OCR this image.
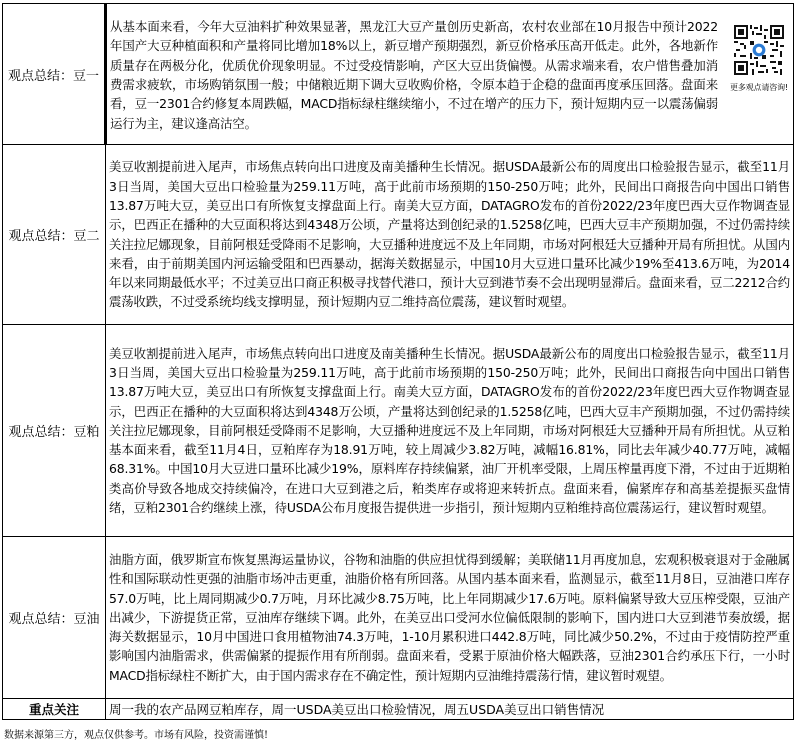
观点总结：豆一	从基本面来看，今年大豆油料扩种效果显著，黑龙江大豆产量创历史新高，农村农业部在10月报告中预计2022年国产大豆种植面积和产量将同比增加18%以上，新豆增产预期强烈，新豆价格承压高开低走。此外，各地新作质量存在两极分化，优质优价现象明显。不过受疫情影响，产区大豆出货偏慢。从需求端来看，农户惜售叠加消费需求疲软，市场购销氛围一般；中储粮近期下调大豆收购价格，令原本趋于企稳的盘面再度承压回落。盘面来看，豆一2301合约修复本周跌幅，MACD指标绿柱继续缩小，不过在增产的压力下，预计短期内豆一以震荡偏弱运行为主，建议逢高沽空。
更多观点请咨询!

观点总结：豆二	美豆收割提前进入尾声，市场焦点转向出口进度及南美播种生长情况。据USDA最新公布的周度出口检验报告显示，截至11月3日当周，美国大豆出口检验量为259.11万吨，高于此前市场预期的150-250万吨；此外，民间出口商报告向中国出口销售13.87万吨大豆，美豆出口有所恢复支撑盘面上行。南美大豆方面，DATAGRO发布的首份2022/23年度巴西大豆作物调查显示，巴西正在播种的大豆面积将达到4348万公顷，产量将达到创纪录的1.5258亿吨，巴西大豆丰产预期加强，不过仍需持续关注拉尼娜现象，目前阿根廷受降雨不足影响，大豆播种进度远不及上年同期，市场对阿根廷大豆播种开局有所担忧。从国内来看，由于前期美国内河运输受阻和巴西暴动，据海关数据显示，中国10月大豆进口量环比减少19%至413.6万吨，为2014年以来同期最低水平；不过美豆出口商正积极寻找替代港口，预计大豆到港节奏不会出现明显滞后。盘面来看，豆二2212合约震荡收跌，不过受系统均线支撑明显，预计短期内豆二维持高位震荡，建议暂时观望。
观点总结：豆粕	美豆收割提前进入尾声，市场焦点转向出口进度及南美播种生长情况。据USDA最新公布的周度出口检验报告显示，截至11月3日当周，美国大豆出口检验量为259.11万吨，高于此前市场预期的150-250万吨；此外，民间出口商报告向中国出口销售13.87万吨大豆，美豆出口有所恢复支撑盘面上行。南美大豆方面，DATAGRO发布的首份2022/23年度巴西大豆作物调查显示，巴西正在播种的大豆面积将达到4348万公顷，产量将达到创纪录的1.5258亿吨，巴西大豆丰产预期加强，不过仍需持续关注拉尼娜现象，目前阿根廷受降雨不足影响，大豆播种进度远不及上年同期，市场对阿根廷大豆播种开局有所担忧。从豆粕基本面来看，截至11月4日，豆粕库存为18.91万吨，较上周减少3.82万吨，减幅16.81%，同比去年减少40.77万吨，减幅68.31%。中国10月大豆进口量环比减少19%，原料库存持续偏紧，油厂开机率受限，上周压榨量再度下滑，不过由于近期粕类高价导致各地成交持续偏冷，在进口大豆到港之后，粕类库存或将迎来转折点。盘面来看，偏紧库存和高基差提振买盘情绪，豆粕2301合约继续上涨，待USDA公布月度报告提供进一步指引，预计短期内豆粕维持高位震荡运行，建议暂时观望。
观点总结：豆油	油脂方面，俄罗斯宣布恢复黑海运量协议，谷物和油脂的供应担忧得到缓解；美联储11月再度加息，宏观积极衰退对于金融属性和国际联动性更强的油脂市场冲击更重，油脂价格有所回落。从国内基本面来看，监测显示，截至11月8日，豆油港口库存57.0万吨，比上周同期减少0.7万吨，月环比减少8.75万吨，比上年同期减少17.6万吨。原料偏紧导致大豆压榨受限，豆油产出减少，下游提货正常，豆油库存继续下调。此外，在美豆出口受河水位偏低限制的影响下，国内进口大豆到港节奏放缓，据海关数据显示，10月中国进口食用植物油74.3万吨，1-10月累积进口442.8万吨，同比减少50.2%，不过由于疫情防控严重影响国内油脂需求，供需偏紧的提振作用有所削弱。盘面来看，受累于原油价格大幅跌落，豆油2301合约承压下行，一小时MACD指标绿柱不断扩大，由于国内需求存在不确定性，预计短期内豆油维持震荡行情，建议暂时观望。
重点关注	周一我的农产品网豆粕库存，周一USDA美豆出口检验情况，周五USDA美豆出口销售情况
数据来源第三方，观点仅供参考。市场有风险，投资需谨慎!
